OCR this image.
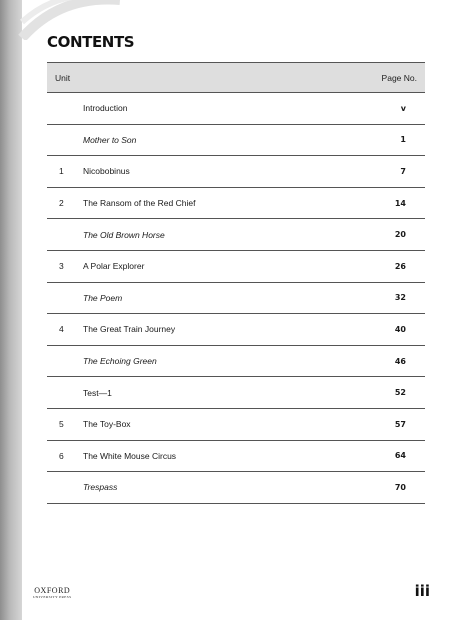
CONTENTS
Unit	Page No.
Introduction	v
Mother to Son	1
1 Nicobobinus	7
2 The Ransom of the Red Chief	14
The Old Brown Horse	20
3 A Polar Explorer	26
The Poem	32
4 The Great Train Journey	40
The Echoing Green	46
Test—1	52
5 The Toy-Box	57
6 The White Mouse Circus	64
Trespass	70
OXFORD
UNIVERSITY PRESS	iii
